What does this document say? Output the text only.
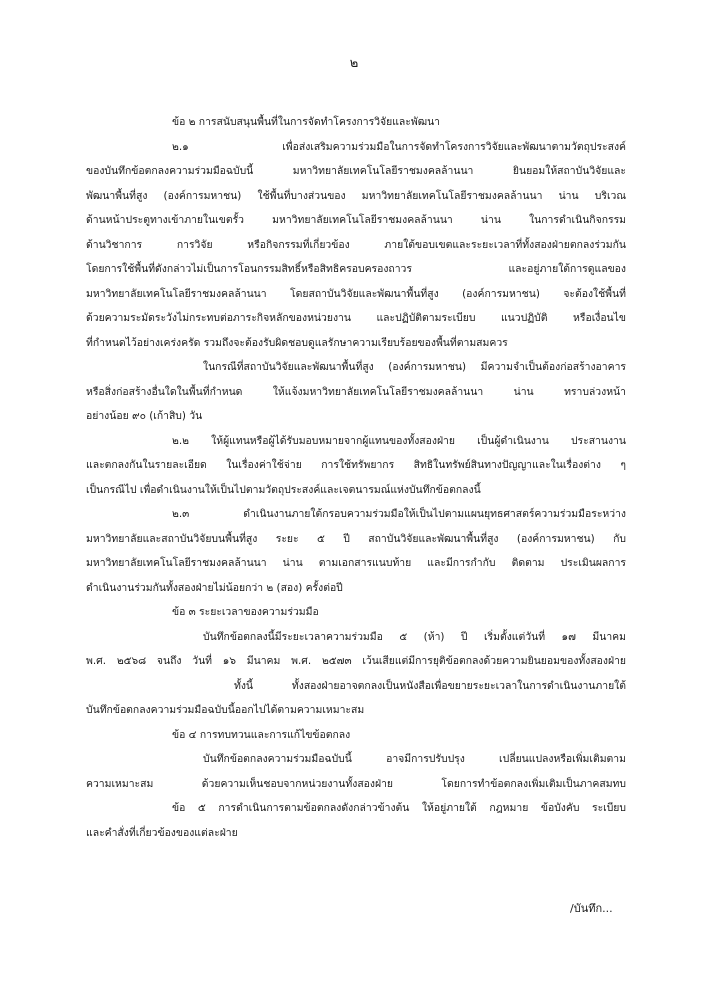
๒
ข้อ ๒ การสนับสนุนพื้นที่ในการจัดทำโครงการวิจัยและพัฒนา
๒.๑ เพื่อส่งเสริมความร่วมมือในการจัดทำโครงการวิจัยและพัฒนาตามวัตถุประสงค์
ของบันทึกข้อตกลงความร่วมมือฉบับนี้ มหาวิทยาลัยเทคโนโลยีราชมงคลล้านนา ยินยอมให้สถาบันวิจัยและ
พัฒนาพื้นที่สูง (องค์การมหาชน) ใช้พื้นที่บางส่วนของ มหาวิทยาลัยเทคโนโลยีราชมงคลล้านนา น่าน บริเวณ
ด้านหน้าประตูทางเข้าภายในเขตรั้ว มหาวิทยาลัยเทคโนโลยีราชมงคลล้านนา น่าน ในการดำเนินกิจกรรม
ด้านวิชาการ การวิจัย หรือกิจกรรมที่เกี่ยวข้อง ภายใต้ขอบเขตและระยะเวลาที่ทั้งสองฝ่ายตกลงร่วมกัน
โดยการใช้พื้นที่ดังกล่าวไม่เป็นการโอนกรรมสิทธิ์หรือสิทธิครอบครองถาวร และอยู่ภายใต้การดูแลของ
มหาวิทยาลัยเทคโนโลยีราชมงคลล้านนา โดยสถาบันวิจัยและพัฒนาพื้นที่สูง (องค์การมหาชน) จะต้องใช้พื้นที่
ด้วยความระมัดระวังไม่กระทบต่อภาระกิจหลักของหน่วยงาน และปฏิบัติตามระเบียบ แนวปฏิบัติ หรือเงื่อนไข
ที่กำหนดไว้อย่างเคร่งครัด รวมถึงจะต้องรับผิดชอบดูแลรักษาความเรียบร้อยของพื้นที่ตามสมควร
ในกรณีที่สถาบันวิจัยและพัฒนาพื้นที่สูง (องค์การมหาชน) มีความจำเป็นต้องก่อสร้างอาคาร
หรือสิ่งก่อสร้างอื่นใดในพื้นที่กำหนด ให้แจ้งมหาวิทยาลัยเทคโนโลยีราชมงคลล้านนา น่าน ทราบล่วงหน้า
อย่างน้อย ๙๐ (เก้าสิบ) วัน
๒.๒ ให้ผู้แทนหรือผู้ได้รับมอบหมายจากผู้แทนของทั้งสองฝ่าย เป็นผู้ดำเนินงาน ประสานงาน
และตกลงกันในรายละเอียด ในเรื่องค่าใช้จ่าย การใช้ทรัพยากร สิทธิในทรัพย์สินทางปัญญาและในเรื่องต่าง ๆ
เป็นกรณีไป เพื่อดำเนินงานให้เป็นไปตามวัตถุประสงค์และเจตนารมณ์แห่งบันทึกข้อตกลงนี้
๒.๓ ดำเนินงานภายใต้กรอบความร่วมมือให้เป็นไปตามแผนยุทธศาสตร์ความร่วมมือระหว่าง
มหาวิทยาลัยและสถาบันวิจัยบนพื้นที่สูง ระยะ ๕ ปี สถาบันวิจัยและพัฒนาพื้นที่สูง (องค์การมหาชน) กับ
มหาวิทยาลัยเทคโนโลยีราชมงคลล้านนา น่าน ตามเอกสารแนบท้าย และมีการกำกับ ติดตาม ประเมินผลการ
ดำเนินงานร่วมกันทั้งสองฝ่ายไม่น้อยกว่า ๒ (สอง) ครั้งต่อปี
ข้อ ๓ ระยะเวลาของความร่วมมือ
บันทึกข้อตกลงนี้มีระยะเวลาความร่วมมือ ๕ (ห้า) ปี เริ่มตั้งแต่วันที่ ๑๗ มีนาคม
พ.ศ. ๒๕๖๘ จนถึง วันที่ ๑๖ มีนาคม พ.ศ. ๒๕๗๓ เว้นเสียแต่มีการยุติข้อตกลงด้วยความยินยอมของทั้งสองฝ่าย
ทั้งนี้ ทั้งสองฝ่ายอาจตกลงเป็นหนังสือเพื่อขยายระยะเวลาในการดำเนินงานภายใต้
บันทึกข้อตกลงความร่วมมือฉบับนี้ออกไปได้ตามความเหมาะสม
ข้อ ๔ การทบทวนและการแก้ไขข้อตกลง
บันทึกข้อตกลงความร่วมมือฉบับนี้ อาจมีการปรับปรุง เปลี่ยนแปลงหรือเพิ่มเติมตาม
ความเหมาะสม ด้วยความเห็นชอบจากหน่วยงานทั้งสองฝ่าย โดยการทำข้อตกลงเพิ่มเติมเป็นภาคสมทบ
ข้อ ๕ การดำเนินการตามข้อตกลงดังกล่าวข้างต้น ให้อยู่ภายใต้ กฎหมาย ข้อบังคับ ระเบียบ
และคำสั่งที่เกี่ยวข้องของแต่ละฝ่าย
/บันทึก...
